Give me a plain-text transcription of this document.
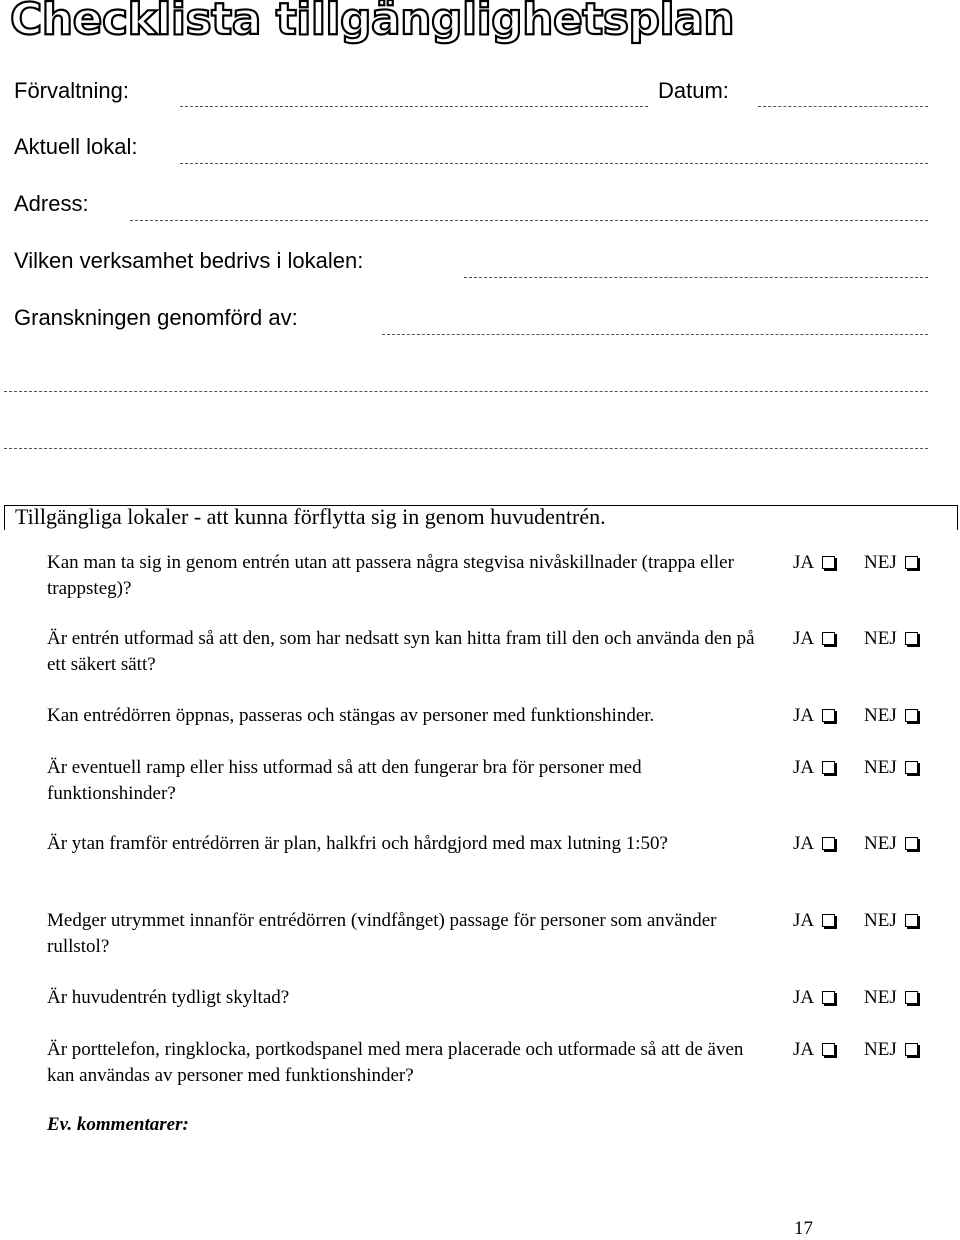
Checklista tillgänglighetsplan
Förvaltning:	Datum:
Aktuell lokal:
Adress:
Vilken verksamhet bedrivs i lokalen:
Granskningen genomförd av:
Tillgängliga lokaler - att kunna förflytta sig in genom huvudentrén.
Kan man ta sig in genom entrén utan att passera några stegvisa nivåskillnader (trappa eller trappsteg)?
JA	NEJ
Är entrén utformad så att den, som har nedsatt syn kan hitta fram till den och använda den på ett säkert sätt?
JA	NEJ
Kan entrédörren öppnas, passeras och stängas av personer med funktionshinder.	JA	NEJ
Är eventuell ramp eller hiss utformad så att den fungerar bra för personer med funktionshinder?
JA	NEJ
Är ytan framför entrédörren är plan, halkfri och hårdgjord med max lutning 1:50?	JA	NEJ
Medger utrymmet innanför entrédörren (vindfånget) passage för personer som använder rullstol?
JA	NEJ
Är huvudentrén tydligt skyltad?	JA	NEJ
Är porttelefon, ringklocka, portkodspanel med mera placerade och utformade så att de även kan användas av personer med funktionshinder?
JA	NEJ
Ev. kommentarer:
17
